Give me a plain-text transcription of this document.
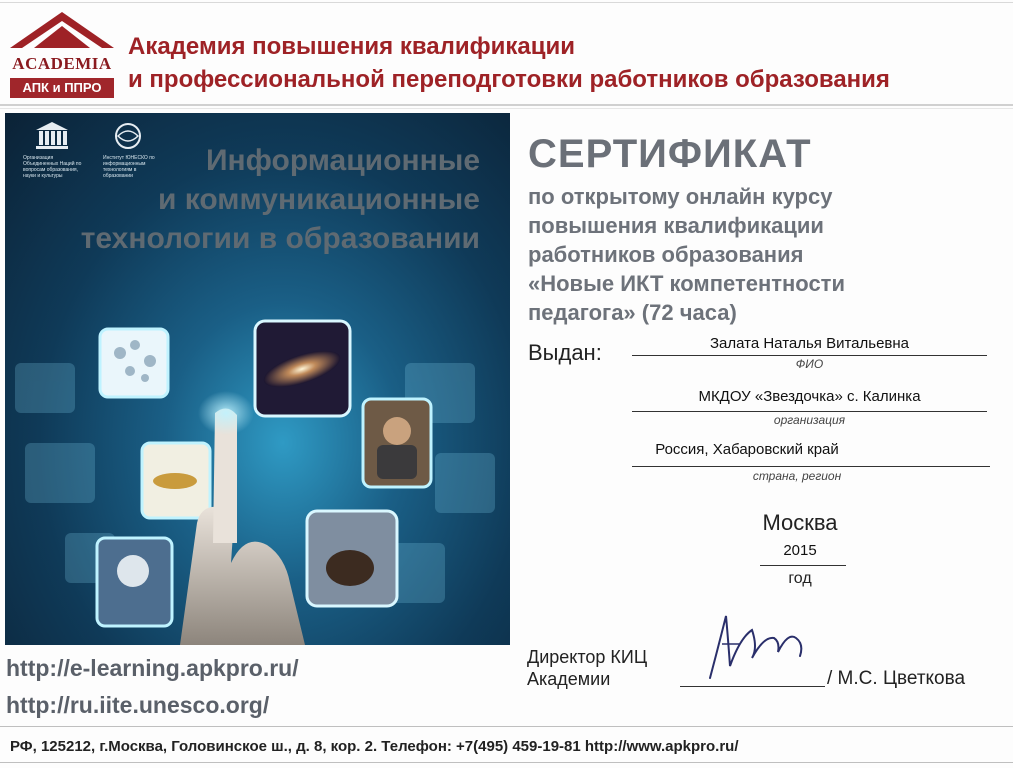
ACADEMIA
АПК и ППРО
Академия повышения квалификации
и профессиональной переподготовки работников образования
Организация Объединенных Наций по вопросам образования, науки и культуры
Институт ЮНЕСКО по информационным технологиям в образовании	Информационные
и коммуникационные
технологии в образовании
СЕРТИФИКАТ
по открытому онлайн курсу
повышения квалификации
работников образования
«Новые ИКТ компетентности
педагога» (72 часа)
Выдан:	Залата Наталья Витальевна
ФИО
МКДОУ «Звездочка» с. Калинка
организация
Россия, Хабаровский край
страна, регион
Москва
2015
год
Директор КИЦ
Академии	/ М.С. Цветкова
http://e-learning.apkpro.ru/
http://ru.iite.unesco.org/
РФ, 125212, г.Москва, Головинское ш., д. 8, кор. 2. Телефон: +7(495) 459-19-81 http://www.apkpro.ru/
